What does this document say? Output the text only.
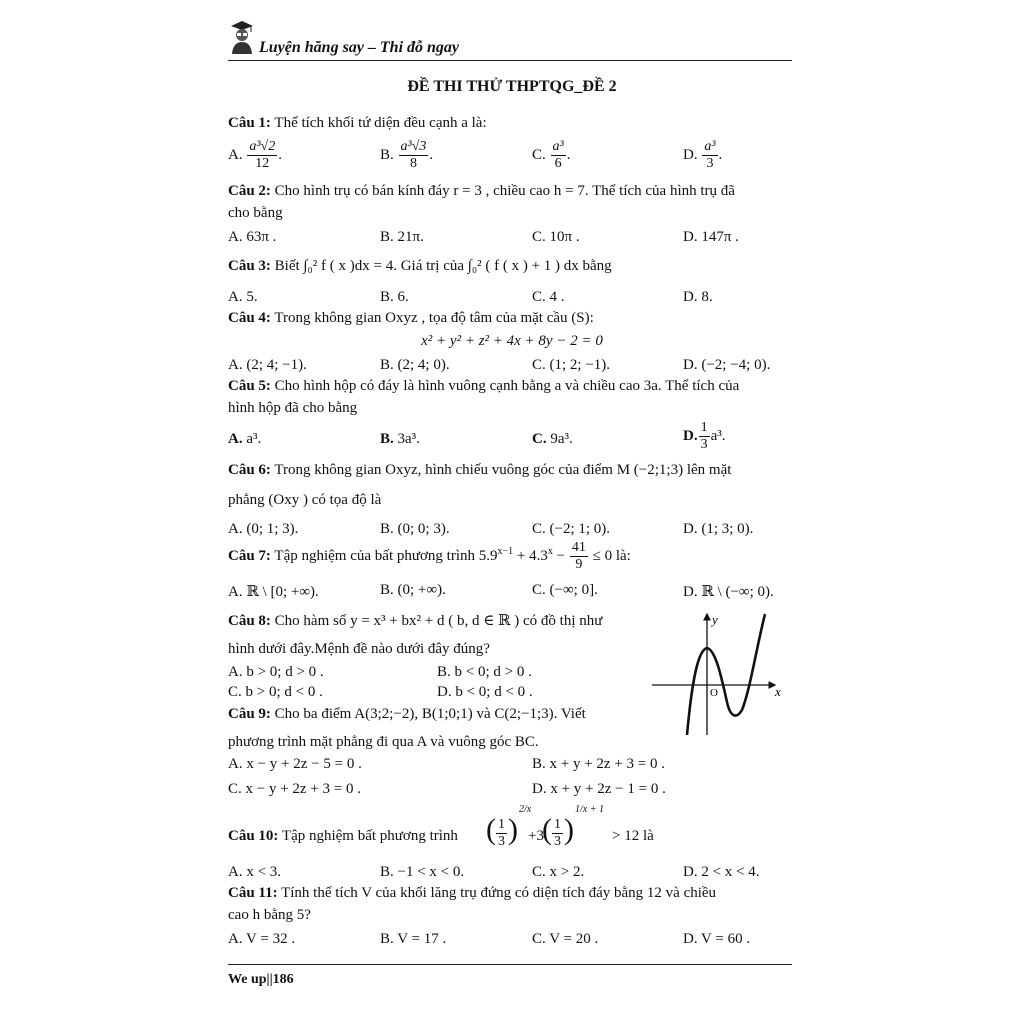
Luyện hăng say – Thi đỗ ngay
ĐỀ THI THỬ THPTQG_ĐỀ 2
Câu 1: Thể tích khối tứ diện đều cạnh a là:
A. $\frac{\text{a³√2}}{12}$ .	B. $\frac{\text{a³√3}}{8}$ .	C. $\frac{\text{a³}}{6}$ .	D. $\frac{\text{a³}}{3}$ .
Câu 2: Cho hình trụ có bán kính đáy r = 3 , chiều cao h = 7. Thể tích của hình trụ đã
cho bằng
A. 63π .	B. 21π.	C. 10π .	D. 147π .
Câu 3: Biết ∫₀² f ( x )dx = 4. Giá trị của ∫₀² ( f ( x ) + 1 ) dx bằng
A. 5.	B. 6.	C. 4 .	D. 8.
Câu 4: Trong không gian Oxyz , tọa độ tâm của mặt cầu (S):
x² + y² + z² + 4x + 8y − 2 = 0
A. (2; 4; −1).	B. (2; 4; 0).	C. (1; 2; −1).	D. (−2; −4; 0).
Câu 5: Cho hình hộp có đáy là hình vuông cạnh bằng a và chiều cao 3a. Thể tích của
hình hộp đã cho bằng
A. a³.	B. 3a³.	C. 9a³.	D. $\frac{1}{3} a^3$.
Câu 6: Trong không gian Oxyz, hình chiếu vuông góc của điểm M (−2;1;3) lên mặt
phẳng (Oxy ) có tọa độ là
A. (0; 1; 3).	B. (0; 0; 3).	C. (−2; 1; 0).	D. (1; 3; 0).
Câu 7: Tập nghiệm của bất phương trình $5.9^{x-1} + 4.3^x - \frac{41}{9} \le 0$ là:
A. ℝ \ [0; +∞).	B. (0; +∞).	C. (−∞; 0].	D. ℝ \ (−∞; 0).
Câu 8: Cho hàm số y = x³ + bx² + d ( b, d ∈ ℝ ) có đồ thị như
hình dưới đây.Mệnh đề nào dưới đây đúng?
A. b > 0; d > 0 .	B. b < 0; d > 0 .
C. b > 0; d < 0 .	D. b < 0; d < 0 .
y
O	x
Câu 9: Cho ba điểm A(3;2;−2), B(1;0;1) và C(2;−1;3). Viết
phương trình mặt phẳng đi qua A và vuông góc BC.
A. x − y + 2z − 5 = 0 .	B. x + y + 2z + 3 = 0 .
C. x − y + 2z + 3 = 0 .	D. x + y + 2z − 1 = 0 .
Câu 10: Tập nghiệm bất phương trình ( $\frac{1}{3}$ )
2/x
+3
( $\frac{1}{3}$ )
1/x + 1
> 12 là
A. x < 3.	B. −1 < x < 0.	C. x > 2.	D. 2 < x < 4.
Câu 11: Tính thể tích V của khối lăng trụ đứng có diện tích đáy bằng 12 và chiều
cao h bằng 5?
A. V = 32 .	B. V = 17 .	C. V = 20 .	D. V = 60 .
We up||186
